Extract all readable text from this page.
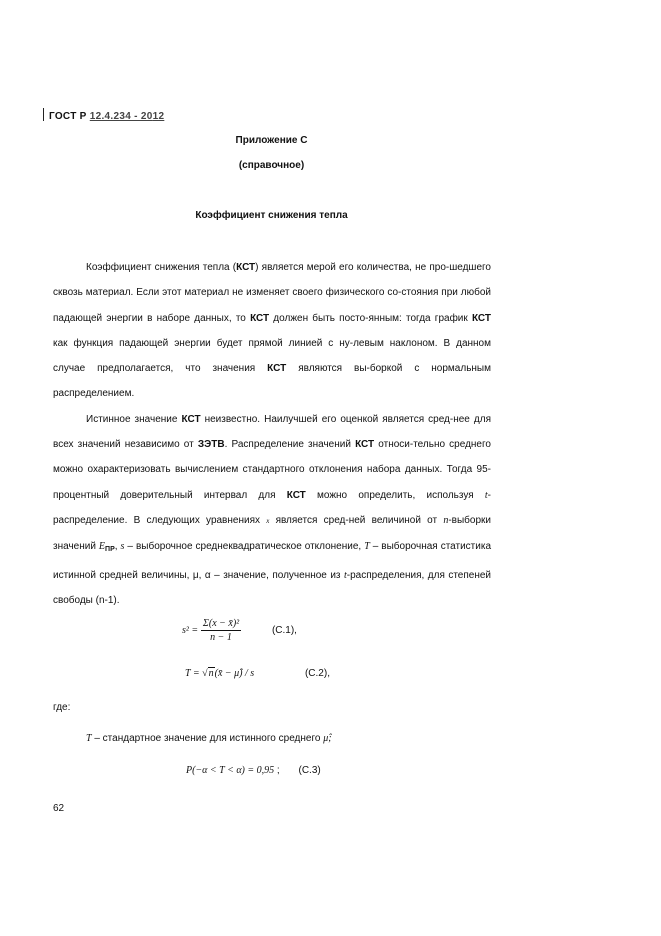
ГОСТ Р 12.4.234 - 2012
Приложение С
(справочное)
Коэффициент снижения тепла

Коэффициент снижения тепла (КСТ) является мерой его количества, не про-шедшего сквозь материал. Если этот материал не изменяет своего физического со-стояния при любой падающей энергии в наборе данных, то КСТ должен быть посто-янным: тогда график КСТ как функция падающей энергии будет прямой линией с ну-левым наклоном. В данном случае предполагается, что значения КСТ являются вы-боркой с нормальным распределением.

Истинное значение КСТ неизвестно. Наилучшей его оценкой является сред-нее для всех значений независимо от ЗЭТВ. Распределение значений КСТ относи-тельно среднего можно охарактеризовать вычислением стандартного отклонения набора данных. Тогда 95-процентный доверительный интервал для КСТ можно определить, используя t-распределение. В следующих уравнениях x является сред-ней величиной от n-выборки значений $E_{ПР}$, s – выборочное среднеквадратическое отклонение, T – выборочная статистика истинной средней величины, μ, α – значение, полученное из t-распределения, для степеней свободы (n-1).

$s^2 = \frac{\text{Σ(x − x̄)²}}{n - 1}$	(С.1),
T = √n(x̄ − μ̂) / s	(С.2),
где:
T – стандартное значение для истинного среднего μ̂;
P(−α < T < α) = 0,95 ; (С.3)
62
